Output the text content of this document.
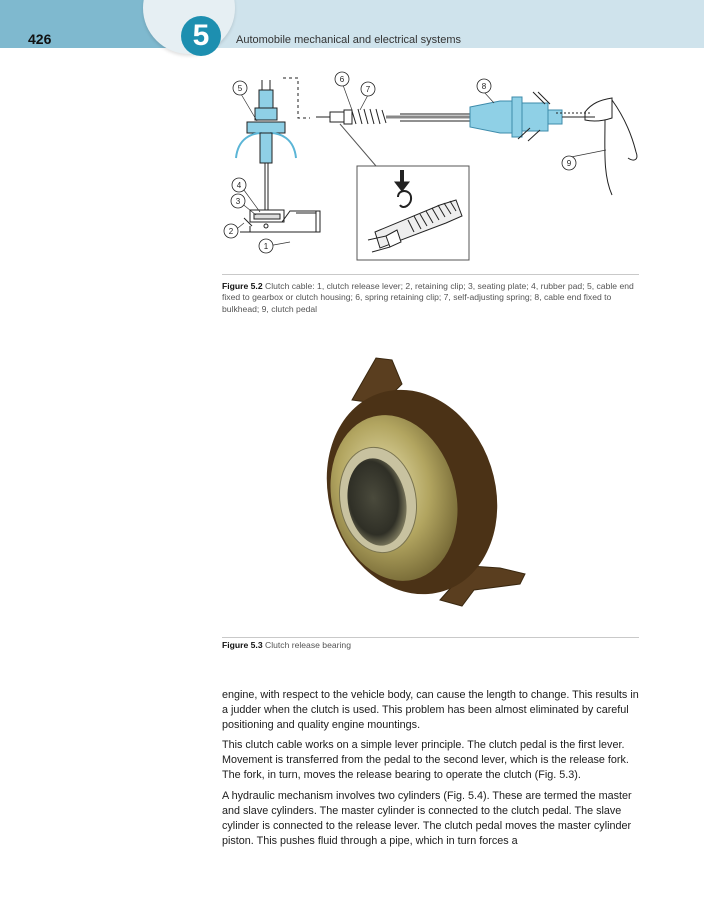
5
426	Automobile mechanical and electrical systems
5
6
7	8
9
4
3
2
1
Figure 5.2 Clutch cable: 1, clutch release lever; 2, retaining clip; 3, seating plate; 4, rubber pad; 5, cable end fixed to gearbox or clutch housing; 6, spring retaining clip; 7, self-adjusting spring; 8, cable end fixed to bulkhead; 9, clutch pedal
Figure 5.3 Clutch release bearing

engine, with respect to the vehicle body, can cause the length to change. This results in a judder when the clutch is used. This problem has been almost eliminated by careful positioning and quality engine mountings.

This clutch cable works on a simple lever principle. The clutch pedal is the first lever. Movement is transferred from the pedal to the second lever, which is the release fork. The fork, in turn, moves the release bearing to operate the clutch (Fig. 5.3).

A hydraulic mechanism involves two cylinders (Fig. 5.4). These are termed the master and slave cylinders. The master cylinder is connected to the clutch pedal. The slave cylinder is connected to the release lever. The clutch pedal moves the master cylinder piston. This pushes fluid through a pipe, which in turn forces a
